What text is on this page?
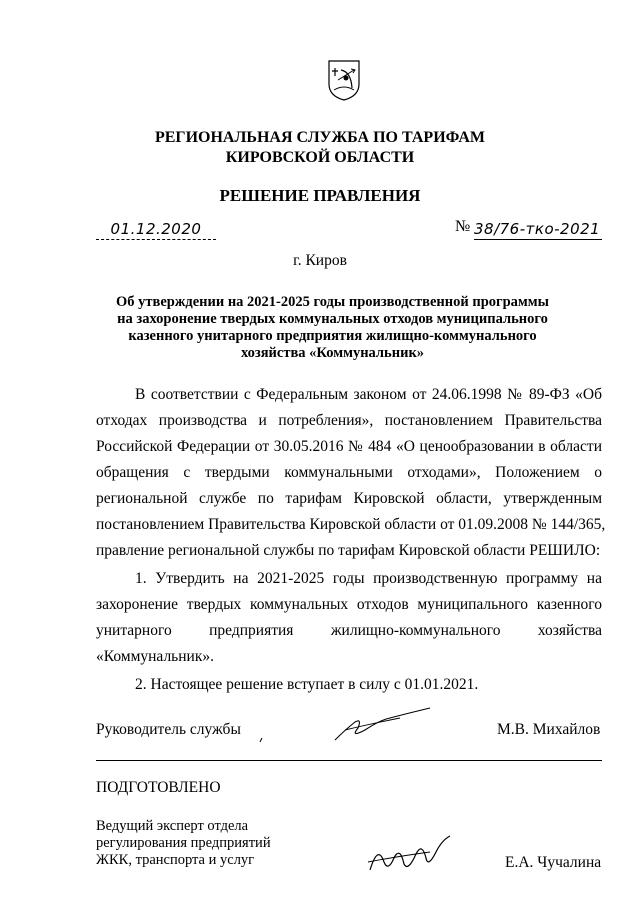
РЕГИОНАЛЬНАЯ СЛУЖБА ПО ТАРИФАМ
КИРОВСКОЙ ОБЛАСТИ
РЕШЕНИЕ ПРАВЛЕНИЯ
01.12.2020	№ 38/76-тко-2021
г. Киров
Об утверждении на 2021-2025 годы производственной программы
на захоронение твердых коммунальных отходов муниципального
казенного унитарного предприятия жилищно-коммунального
хозяйства «Коммунальник»
В соответствии с Федеральным законом от 24.06.1998 № 89-ФЗ «Об
отходах производства и потребления», постановлением Правительства
Российской Федерации от 30.05.2016 № 484 «О ценообразовании в области
обращения с твердыми коммунальными отходами», Положением о
региональной службе по тарифам Кировской области, утвержденным
постановлением Правительства Кировской области от 01.09.2008 № 144/365,
правление региональной службы по тарифам Кировской области РЕШИЛО:
1. Утвердить на 2021-2025 годы производственную программу на
захоронение твердых коммунальных отходов муниципального казенного
унитарного предприятия жилищно-коммунального хозяйства
«Коммунальник».
2. Настоящее решение вступает в силу с 01.01.2021.
Руководитель службы	М.В. Михайлов
ПОДГОТОВЛЕНО
Ведущий эксперт отдела
регулирования предприятий
ЖКК, транспорта и услуг	Е.А. Чучалина
